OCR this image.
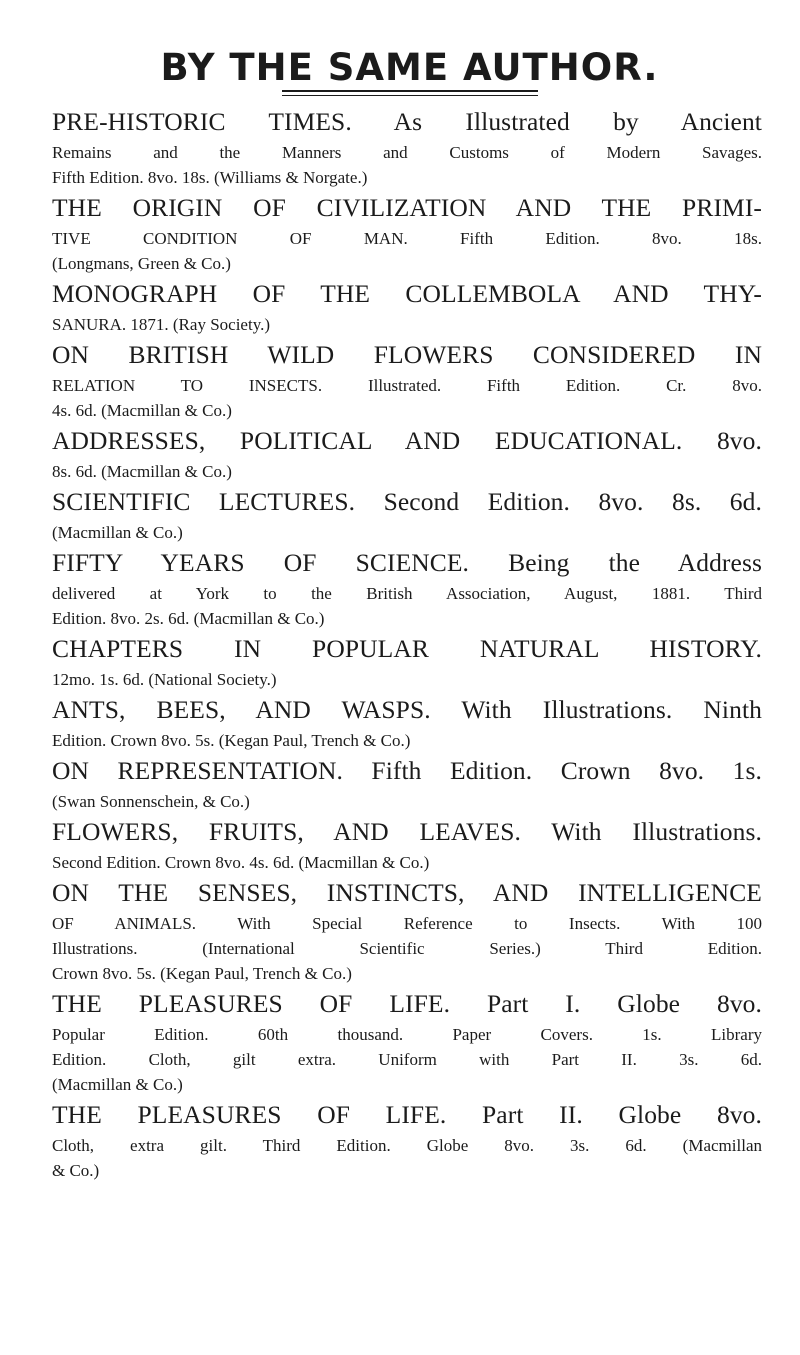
BY THE SAME AUTHOR.
PRE-HISTORIC TIMES. As Illustrated by Ancient
Remains and the Manners and Customs of Modern Savages.
Fifth Edition. 8vo. 18s. (Williams & Norgate.)
THE ORIGIN OF CIVILIZATION AND THE PRIMI-
TIVE CONDITION OF MAN. Fifth Edition. 8vo. 18s.
(Longmans, Green & Co.)
MONOGRAPH OF THE COLLEMBOLA AND THY-
SANURA. 1871. (Ray Society.)
ON BRITISH WILD FLOWERS CONSIDERED IN
RELATION TO INSECTS. Illustrated. Fifth Edition. Cr. 8vo.
4s. 6d. (Macmillan & Co.)
ADDRESSES, POLITICAL AND EDUCATIONAL. 8vo.
8s. 6d. (Macmillan & Co.)
SCIENTIFIC LECTURES. Second Edition. 8vo. 8s. 6d.
(Macmillan & Co.)
FIFTY YEARS OF SCIENCE. Being the Address
delivered at York to the British Association, August, 1881. Third
Edition. 8vo. 2s. 6d. (Macmillan & Co.)
CHAPTERS IN POPULAR NATURAL HISTORY.
12mo. 1s. 6d. (National Society.)
ANTS, BEES, AND WASPS. With Illustrations. Ninth
Edition. Crown 8vo. 5s. (Kegan Paul, Trench & Co.)
ON REPRESENTATION. Fifth Edition. Crown 8vo. 1s.
(Swan Sonnenschein, & Co.)
FLOWERS, FRUITS, AND LEAVES. With Illustrations.
Second Edition. Crown 8vo. 4s. 6d. (Macmillan & Co.)
ON THE SENSES, INSTINCTS, AND INTELLIGENCE
OF ANIMALS. With Special Reference to Insects. With 100
Illustrations. (International Scientific Series.) Third Edition.
Crown 8vo. 5s. (Kegan Paul, Trench & Co.)
THE PLEASURES OF LIFE. Part I. Globe 8vo.
Popular Edition. 60th thousand. Paper Covers. 1s. Library
Edition. Cloth, gilt extra. Uniform with Part II. 3s. 6d.
(Macmillan & Co.)
THE PLEASURES OF LIFE. Part II. Globe 8vo.
Cloth, extra gilt. Third Edition. Globe 8vo. 3s. 6d. (Macmillan
& Co.)
